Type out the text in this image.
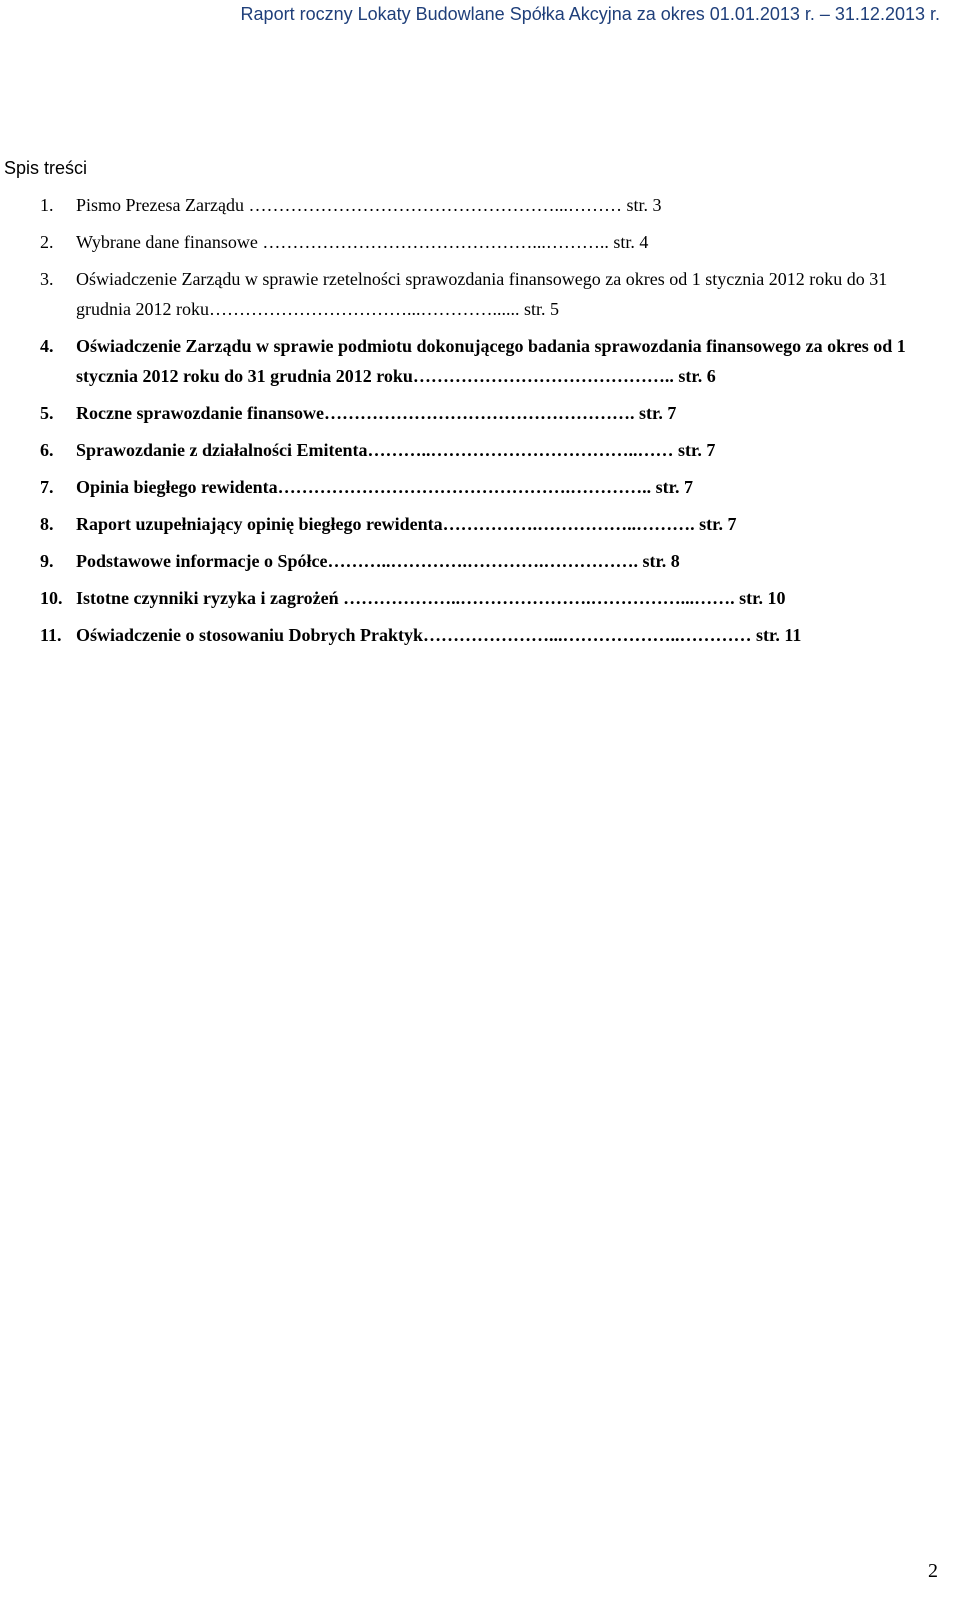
Raport roczny Lokaty Budowlane Spółka Akcyjna za okres 01.01.2013 r. – 31.12.2013 r.
Spis treści
1. Pismo Prezesa Zarządu ……………………………………………...……… str. 3
2. Wybrane dane finansowe ………………………………………...……….. str. 4
3. Oświadczenie Zarządu w sprawie rzetelności sprawozdania finansowego za okres od 1 stycznia 2012 roku do 31 grudnia 2012 roku……………………………...…………...... str. 5
4. Oświadczenie Zarządu w sprawie podmiotu dokonującego badania sprawozdania finansowego za okres od 1 stycznia 2012 roku do 31 grudnia 2012 roku…………………………………….. str. 6
5. Roczne sprawozdanie finansowe……………………………………………. str. 7
6. Sprawozdanie z działalności Emitenta………..……………………………..…… str. 7
7. Opinia biegłego rewidenta………………………………………….………….. str. 7
8. Raport uzupełniający opinię biegłego rewidenta…………….……………..………. str. 7
9. Podstawowe informacje o Spółce………..………….………….……………. str. 8
10. Istotne czynniki ryzyka i zagrożeń ………………..………………….……………...……. str. 10
11. Oświadczenie o stosowaniu Dobrych Praktyk…………………...………………..………… str. 11
2
